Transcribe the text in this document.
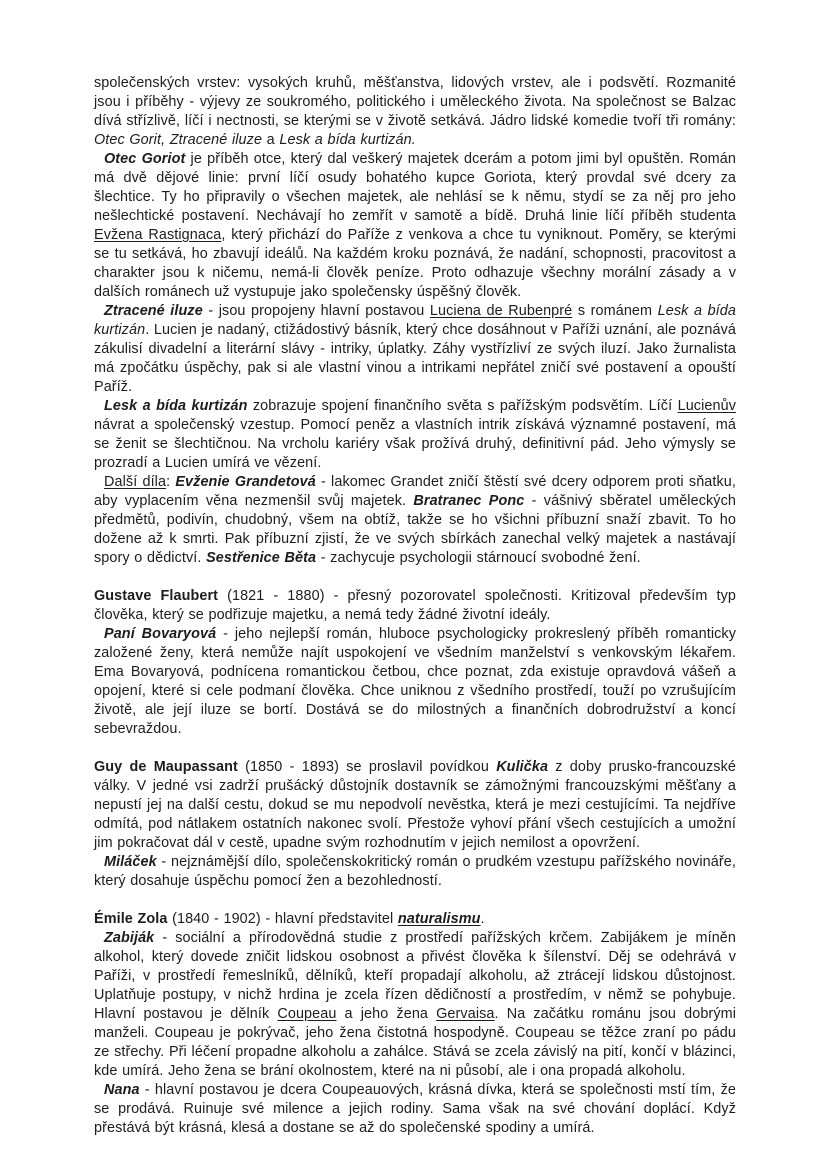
společenských vrstev: vysokých kruhů, měšťanstva, lidových vrstev, ale i podsvětí. Rozmanité jsou i příběhy - výjevy ze soukromého, politického i uměleckého života. Na společnost se Balzac dívá střízlivě, líčí i nectnosti, se kterými se v životě setkává. Jádro lidské komedie tvoří tři romány: Otec Gorit, Ztracené iluze a Lesk a bída kurtizán.

Otec Goriot je příběh otce, který dal veškerý majetek dcerám a potom jimi byl opuštěn. Román má dvě dějové linie: první líčí osudy bohatého kupce Goriota, který provdal své dcery za šlechtice. Ty ho připravily o všechen majetek, ale nehlásí se k němu, stydí se za něj pro jeho nešlechtické postavení. Nechávají ho zemřít v samotě a bídě. Druhá linie líčí příběh studenta Evžena Rastignaca, který přichází do Paříže z venkova a chce tu vyniknout. Poměry, se kterými se tu setkává, ho zbavují ideálů. Na každém kroku poznává, že nadání, schopnosti, pracovitost a charakter jsou k ničemu, nemá-li člověk peníze. Proto odhazuje všechny morální zásady a v dalších románech už vystupuje jako společensky úspěšný člověk.

Ztracené iluze - jsou propojeny hlavní postavou Luciena de Rubenpré s románem Lesk a bída kurtizán. Lucien je nadaný, ctižádostivý básník, který chce dosáhnout v Paříži uznání, ale poznává zákulisí divadelní a literární slávy - intriky, úplatky. Záhy vystřízliví ze svých iluzí. Jako žurnalista má zpočátku úspěchy, pak si ale vlastní vinou a intrikami nepřátel zničí své postavení a opouští Paříž.

Lesk a bída kurtizán zobrazuje spojení finančního světa s pařížským podsvětím. Líčí Lucienův návrat a společenský vzestup. Pomocí peněz a vlastních intrik získává významné postavení, má se ženit se šlechtičnou. Na vrcholu kariéry však prožívá druhý, definitivní pád. Jeho výmysly se prozradí a Lucien umírá ve vězení.

Další díla: Evženie Grandetová - lakomec Grandet zničí štěstí své dcery odporem proti sňatku, aby vyplacením věna nezmenšil svůj majetek. Bratranec Ponc - vášnivý sběratel uměleckých předmětů, podivín, chudobný, všem na obtíž, takže se ho všichni příbuzní snaží zbavit. To ho dožene až k smrti. Pak příbuzní zjistí, že ve svých sbírkách zanechal velký majetek a nastávají spory o dědictví. Sestřenice Běta - zachycuje psychologii stárnoucí svobodné žení.

Gustave Flaubert (1821 - 1880) - přesný pozorovatel společnosti. Kritizoval především typ člověka, který se podřizuje majetku, a nemá tedy žádné životní ideály.

Paní Bovaryová - jeho nejlepší román, hluboce psychologicky prokreslený příběh romanticky založené ženy, která nemůže najít uspokojení ve všedním manželství s venkovským lékařem. Ema Bovaryová, podnícena romantickou četbou, chce poznat, zda existuje opravdová vášeň a opojení, které si cele podmaní člověka. Chce uniknou z všedního prostředí, touží po vzrušujícím životě, ale její iluze se bortí. Dostává se do milostných a finančních dobrodružství a koncí sebevraždou.

Guy de Maupassant (1850 - 1893) se proslavil povídkou Kulička z doby prusko-francouzské války. V jedné vsi zadrží prušácký důstojník dostavník se zámožnými francouzskými měšťany a nepustí jej na další cestu, dokud se mu nepodvolí nevěstka, která je mezi cestujícími. Ta nejdříve odmítá, pod nátlakem ostatních nakonec svolí. Přestože vyhoví přání všech cestujících a umožní jim pokračovat dál v cestě, upadne svým rozhodnutím v jejich nemilost a opovržení.

Miláček - nejznámější dílo, společenskokritický román o prudkém vzestupu pařížského novináře, který dosahuje úspěchu pomocí žen a bezohledností.

Émile Zola (1840 - 1902) - hlavní představitel naturalismu.

Zabiják - sociální a přírodovědná studie z prostředí pařížských krčem. Zabijákem je míněn alkohol, který dovede zničit lidskou osobnost a přivést člověka k šílenství. Děj se odehrává v Paříži, v prostředí řemeslníků, dělníků, kteří propadají alkoholu, až ztrácejí lidskou důstojnost. Uplatňuje postupy, v nichž hrdina je zcela řízen dědičností a prostředím, v němž se pohybuje. Hlavní postavou je dělník Coupeau a jeho žena Gervaisa. Na začátku románu jsou dobrými manželi. Coupeau je pokrývač, jeho žena čistotná hospodyně. Coupeau se těžce zraní po pádu ze střechy. Při léčení propadne alkoholu a zahálce. Stává se zcela závislý na pití, končí v blázinci, kde umírá. Jeho žena se brání okolnostem, které na ni působí, ale i ona propadá alkoholu.

Nana - hlavní postavou je dcera Coupeauových, krásná dívka, která se společnosti mstí tím, že se prodává. Ruinuje své milence a jejich rodiny. Sama však na své chování doplácí. Když přestává být krásná, klesá a dostane se až do společenské spodiny a umírá.
